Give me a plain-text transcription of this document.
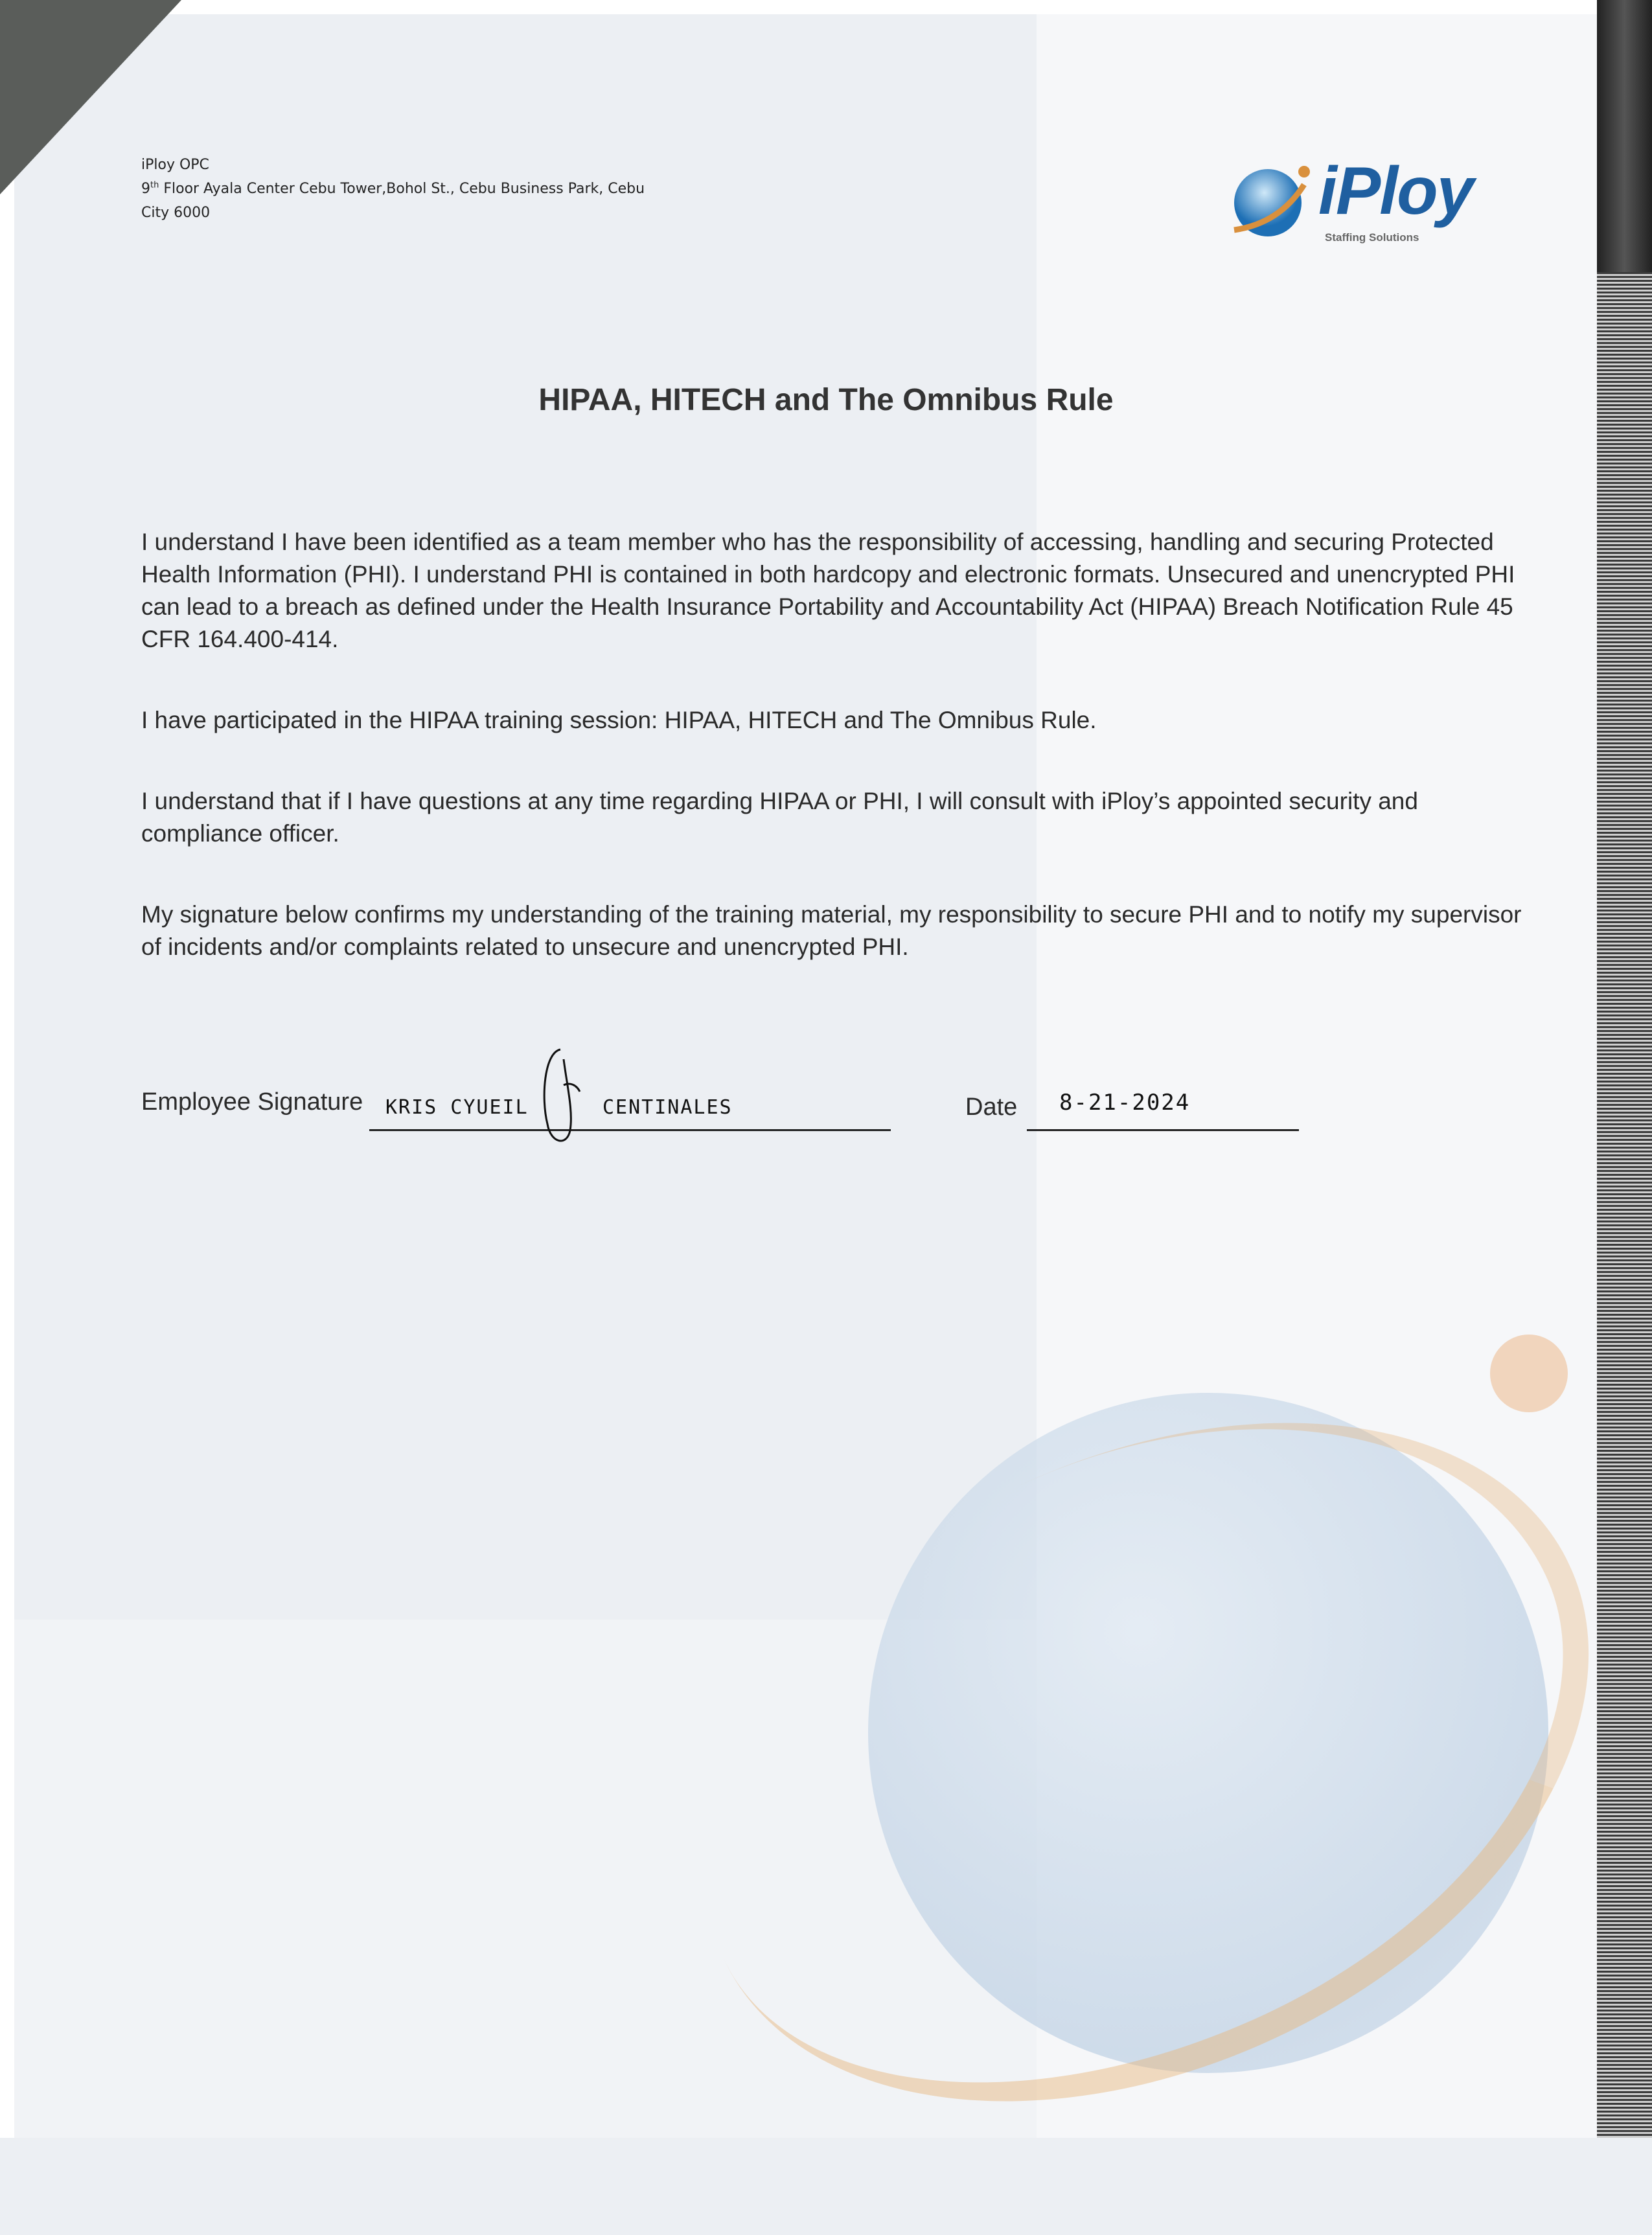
iPloy OPC
9th Floor Ayala Center Cebu Tower,Bohol St., Cebu Business Park, Cebu
City 6000	iPloy
Staffing Solutions
HIPAA, HITECH and The Omnibus Rule

I understand I have been identified as a team member who has the responsibility of accessing, handling and securing Protected Health Information (PHI). I understand PHI is contained in both hardcopy and electronic formats. Unsecured and unencrypted PHI can lead to a breach as defined under the Health Insurance Portability and Accountability Act (HIPAA) Breach Notification Rule 45 CFR 164.400-414.

I have participated in the HIPAA training session: HIPAA, HITECH and The Omnibus Rule.

I understand that if I have questions at any time regarding HIPAA or PHI, I will consult with iPloy’s appointed security and compliance officer.

My signature below confirms my understanding of the training material, my responsibility to secure PHI and to notify my supervisor of incidents and/or complaints related to unsecure and unencrypted PHI.

Employee Signature KRIS CYUEIL	CENTINALES	Date 8-21-2024
